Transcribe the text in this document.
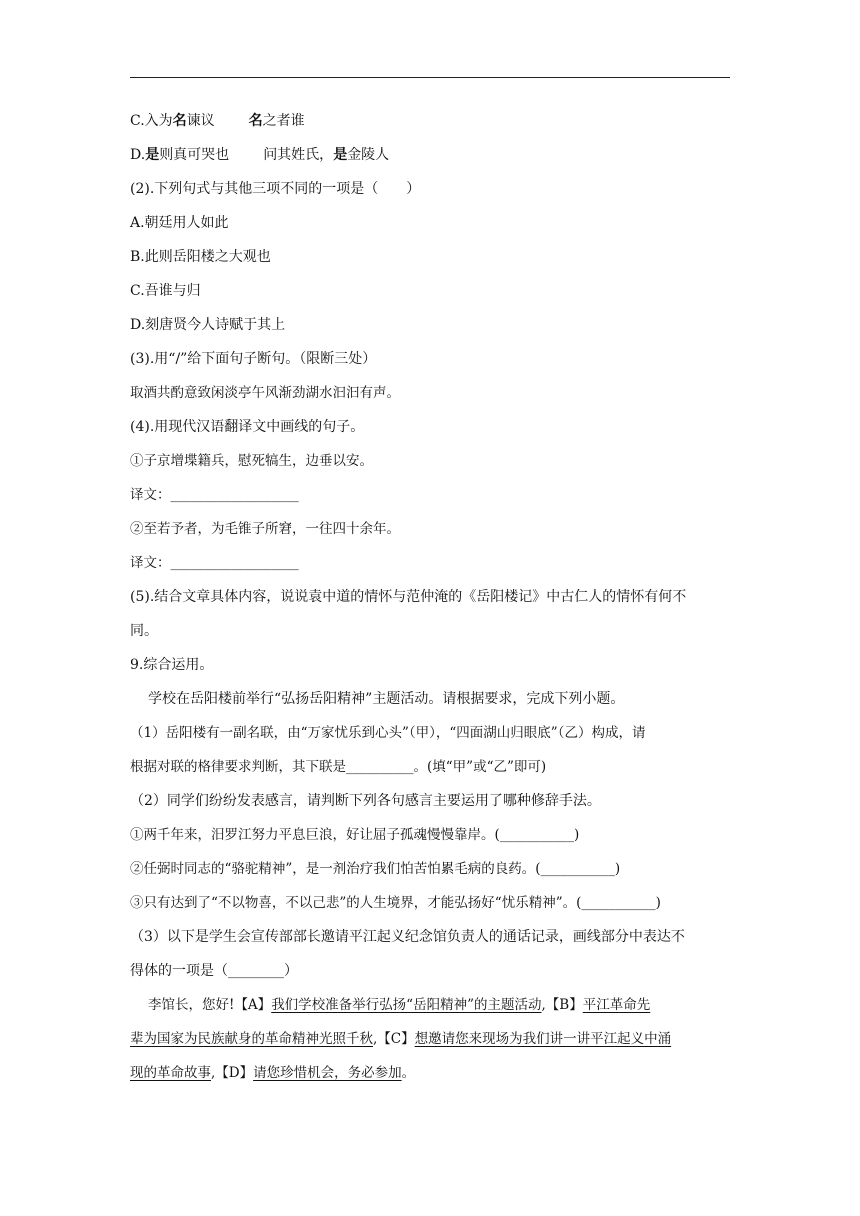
C.入为名谏议 名之者谁
D.是则真可哭也 问其姓氏，是金陵人
(2).下列句式与其他三项不同的一项是（　　）
A.朝廷用人如此
B.此则岳阳楼之大观也
C.吾谁与归
D.刻唐贤今人诗赋于其上
(3).用“/”给下面句子断句。（限断三处）
取酒共酌意致闲淡亭午风渐劲湖水汩汩有声。
(4).用现代汉语翻译文中画线的句子。
①子京增堞籍兵，慰死犒生，边垂以安。
译文：___________________
②至若予者，为毛锥子所窘，一往四十余年。
译文：___________________
(5).结合文章具体内容，说说袁中道的情怀与范仲淹的《岳阳楼记》中古仁人的情怀有何不
同。
9.综合运用。
学校在岳阳楼前举行“弘扬岳阳精神”主题活动。请根据要求，完成下列小题。
（1）岳阳楼有一副名联，由“万家忧乐到心头”（甲），“四面湖山归眼底”（乙）构成，请
根据对联的格律要求判断，其下联是__________。(填“甲”或“乙”即可)
（2）同学们纷纷发表感言，请判断下列各句感言主要运用了哪种修辞手法。
①两千年来，汨罗江努力平息巨浪，好让屈子孤魂慢慢靠岸。(___________)
②任弼时同志的“骆驼精神”，是一剂治疗我们怕苦怕累毛病的良药。(___________)
③只有达到了“不以物喜，不以己悲”的人生境界，才能弘扬好“忧乐精神”。(___________)
（3）以下是学生会宣传部部长邀请平江起义纪念馆负责人的通话记录，画线部分中表达不
得体的一项是（________）
李馆长，您好!【A】我们学校准备举行弘扬“岳阳精神”的主题活动,【B】平江革命先
辈为国家为民族献身的革命精神光照千秋,【C】想邀请您来现场为我们讲一讲平江起义中涌
现的革命故事,【D】请您珍惜机会，务必参加。
